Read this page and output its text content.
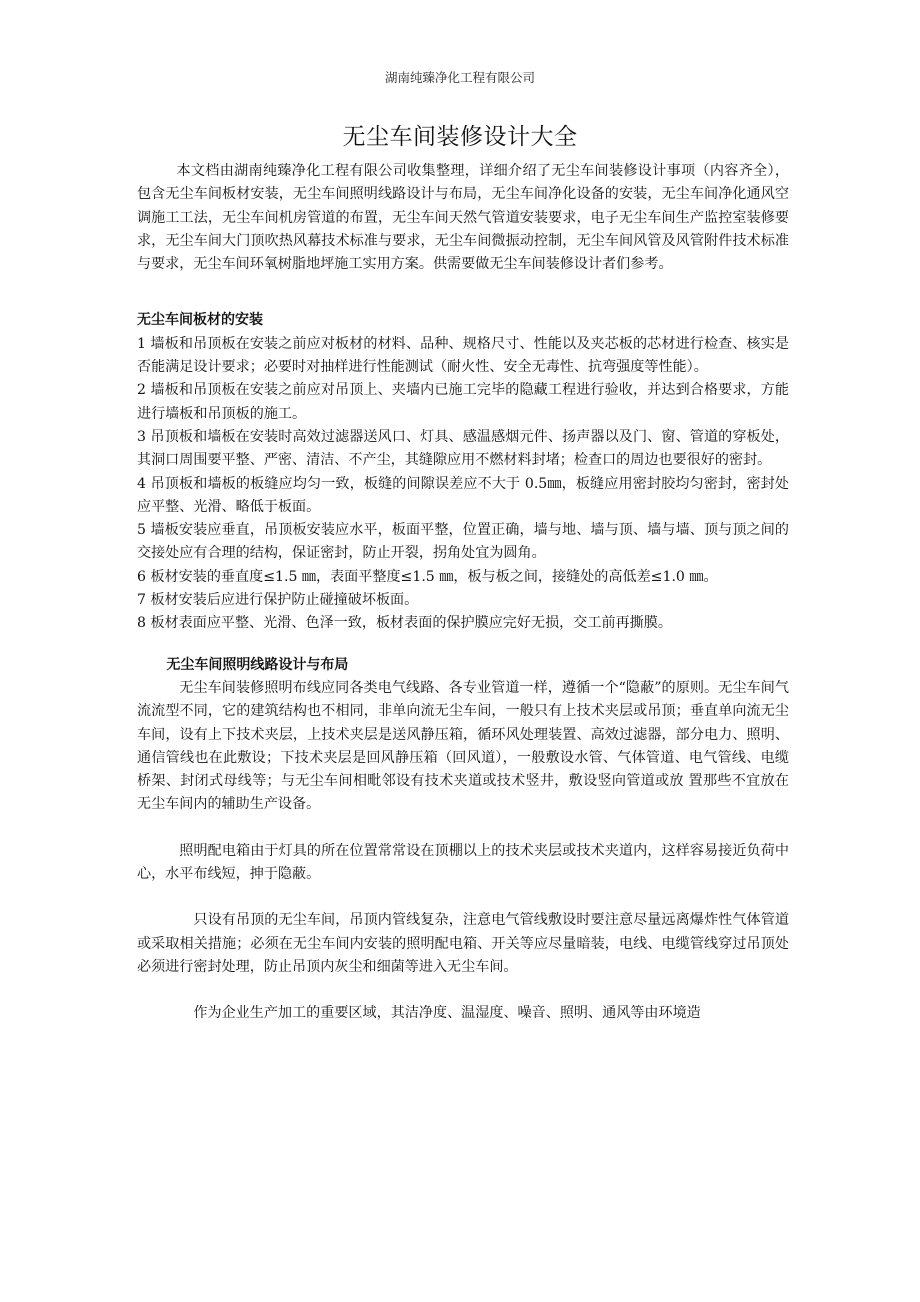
湖南纯臻净化工程有限公司
无尘车间装修设计大全

本文档由湖南纯臻净化工程有限公司收集整理，详细介绍了无尘车间装修设计事项（内容齐全），包含无尘车间板材安装，无尘车间照明线路设计与布局，无尘车间净化设备的安装，无尘车间净化通风空调施工工法，无尘车间机房管道的布置，无尘车间天然气管道安装要求，电子无尘车间生产监控室装修要求，无尘车间大门顶吹热风幕技术标准与要求，无尘车间微振动控制，无尘车间风管及风管附件技术标准与要求，无尘车间环氧树脂地坪施工实用方案。供需要做无尘车间装修设计者们参考。

无尘车间板材的安装

1 墙板和吊顶板在安装之前应对板材的材料、品种、规格尺寸、性能以及夹芯板的芯材进行检查、核实是否能满足设计要求；必要时对抽样进行性能测试（耐火性、安全无毒性、抗弯强度等性能）。

2 墙板和吊顶板在安装之前应对吊顶上、夹墙内已施工完毕的隐藏工程进行验收，并达到合格要求，方能进行墙板和吊顶板的施工。

3 吊顶板和墙板在安装时高效过滤器送风口、灯具、感温感烟元件、扬声器以及门、窗、管道的穿板处，其洞口周围要平整、严密、清洁、不产尘，其缝隙应用不燃材料封堵；检查口的周边也要很好的密封。

4 吊顶板和墙板的板缝应均匀一致，板缝的间隙误差应不大于 0.5㎜，板缝应用密封胶均匀密封，密封处应平整、光滑、略低于板面。

5 墙板安装应垂直，吊顶板安装应水平，板面平整，位置正确，墙与地、墙与顶、墙与墙、顶与顶之间的交接处应有合理的结构，保证密封，防止开裂，拐角处宜为圆角。

6 板材安装的垂直度≤1.5 ㎜，表面平整度≤1.5 ㎜，板与板之间，接缝处的高低差≤1.0 ㎜。

7 板材安装后应进行保护防止碰撞破坏板面。

8 板材表面应平整、光滑、色泽一致，板材表面的保护膜应完好无损，交工前再撕膜。

无尘车间照明线路设计与布局

无尘车间装修照明布线应同各类电气线路、各专业管道一样，遵循一个“隐蔽”的原则。无尘车间气流流型不同，它的建筑结构也不相同，非单向流无尘车间，一般只有上技术夹层或吊顶；垂直单向流无尘车间，设有上下技术夹层，上技术夹层是送风静压箱，循环风处理装置、高效过滤器，部分电力、照明、通信管线也在此敷设；下技术夹层是回风静压箱（回风道），一般敷设水管、气体管道、电气管线、电缆桥架、封闭式母线等；与无尘车间相毗邻设有技术夹道或技术竖井，敷设竖向管道或放 置那些不宜放在无尘车间内的辅助生产设备。

照明配电箱由于灯具的所在位置常常设在顶棚以上的技术夹层或技术夹道内，这样容易接近负荷中心，水平布线短，抻于隐蔽。

只设有吊顶的无尘车间，吊顶内管线复杂，注意电气管线敷设时要注意尽量远离爆炸性气体管道或采取相关措施；必须在无尘车间内安装的照明配电箱、开关等应尽量暗装，电线、电缆管线穿过吊顶处必须进行密封处理，防止吊顶内灰尘和细菌等进入无尘车间。

作为企业生产加工的重要区域，其洁净度、温湿度、噪音、照明、通风等由环境造
